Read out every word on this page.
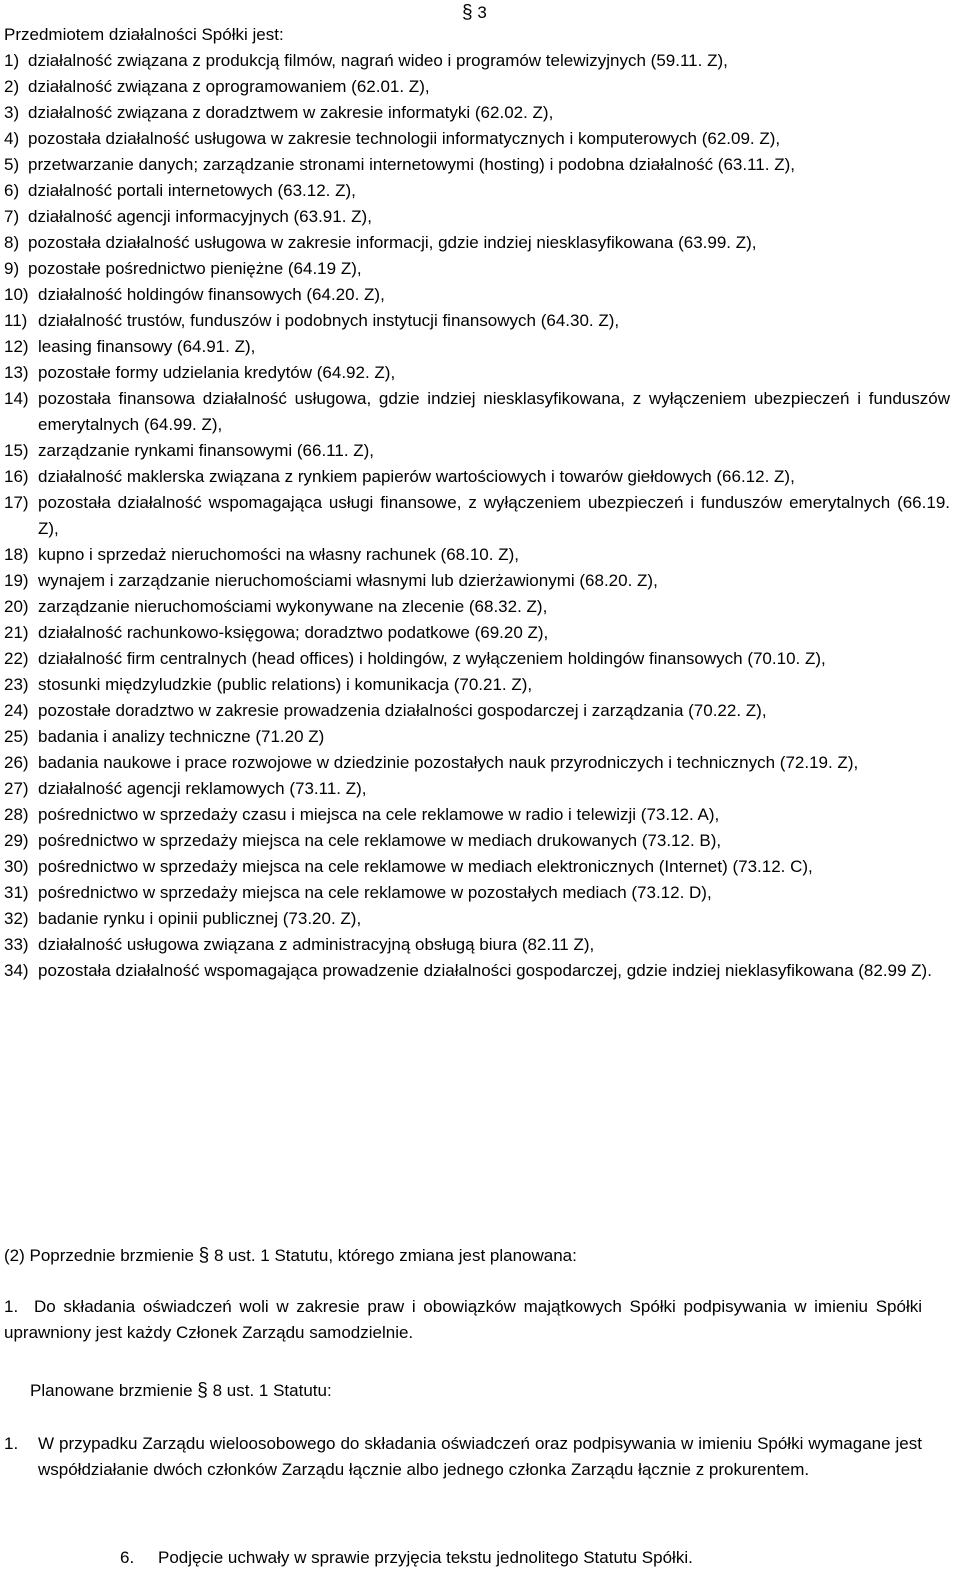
§ 3
Przedmiotem działalności Spółki jest:
1) działalność związana z produkcją filmów, nagrań wideo i programów telewizyjnych (59.11. Z),
2) działalność związana z oprogramowaniem (62.01. Z),
3) działalność związana z doradztwem w zakresie informatyki (62.02. Z),
4) pozostała działalność usługowa w zakresie technologii informatycznych i komputerowych (62.09. Z),
5) przetwarzanie danych; zarządzanie stronami internetowymi (hosting) i podobna działalność (63.11. Z),
6) działalność portali internetowych (63.12. Z),
7) działalność agencji informacyjnych (63.91. Z),
8) pozostała działalność usługowa w zakresie informacji, gdzie indziej niesklasyfikowana (63.99. Z),
9) pozostałe pośrednictwo pieniężne (64.19 Z),
10) działalność holdingów finansowych (64.20. Z),
11) działalność trustów, funduszów i podobnych instytucji finansowych (64.30. Z),
12) leasing finansowy (64.91. Z),
13) pozostałe formy udzielania kredytów (64.92. Z),
14) pozostała finansowa działalność usługowa, gdzie indziej niesklasyfikowana, z wyłączeniem ubezpieczeń i funduszów emerytalnych (64.99. Z),
15) zarządzanie rynkami finansowymi (66.11. Z),
16) działalność maklerska związana z rynkiem papierów wartościowych i towarów giełdowych (66.12. Z),
17) pozostała działalność wspomagająca usługi finansowe, z wyłączeniem ubezpieczeń i funduszów emerytalnych (66.19. Z),
18) kupno i sprzedaż nieruchomości na własny rachunek (68.10. Z),
19) wynajem i zarządzanie nieruchomościami własnymi lub dzierżawionymi (68.20. Z),
20) zarządzanie nieruchomościami wykonywane na zlecenie (68.32. Z),
21) działalność rachunkowo-księgowa; doradztwo podatkowe (69.20 Z),
22) działalność firm centralnych (head offices) i holdingów, z wyłączeniem holdingów finansowych (70.10. Z),
23) stosunki międzyludzkie (public relations) i komunikacja (70.21. Z),
24) pozostałe doradztwo w zakresie prowadzenia działalności gospodarczej i zarządzania (70.22. Z),
25) badania i analizy techniczne (71.20 Z)
26) badania naukowe i prace rozwojowe w dziedzinie pozostałych nauk przyrodniczych i technicznych (72.19. Z),
27) działalność agencji reklamowych (73.11. Z),
28) pośrednictwo w sprzedaży czasu i miejsca na cele reklamowe w radio i telewizji (73.12. A),
29) pośrednictwo w sprzedaży miejsca na cele reklamowe w mediach drukowanych (73.12. B),
30) pośrednictwo w sprzedaży miejsca na cele reklamowe w mediach elektronicznych (Internet) (73.12. C),
31) pośrednictwo w sprzedaży miejsca na cele reklamowe w pozostałych mediach (73.12. D),
32) badanie rynku i opinii publicznej (73.20. Z),
33) działalność usługowa związana z administracyjną obsługą biura (82.11 Z),
34) pozostała działalność wspomagająca prowadzenie działalności gospodarczej, gdzie indziej nieklasyfikowana (82.99 Z).
(2) Poprzednie brzmienie § 8 ust. 1 Statutu, którego zmiana jest planowana:
1. Do składania oświadczeń woli w zakresie praw i obowiązków majątkowych Spółki podpisywania w imieniu Spółki uprawniony jest każdy Członek Zarządu samodzielnie.
Planowane brzmienie § 8 ust. 1 Statutu:
1.	W przypadku Zarządu wieloosobowego do składania oświadczeń oraz podpisywania w imieniu Spółki wymagane jest współdziałanie dwóch członków Zarządu łącznie albo jednego członka Zarządu łącznie z prokurentem.
6. Podjęcie uchwały w sprawie przyjęcia tekstu jednolitego Statutu Spółki.
